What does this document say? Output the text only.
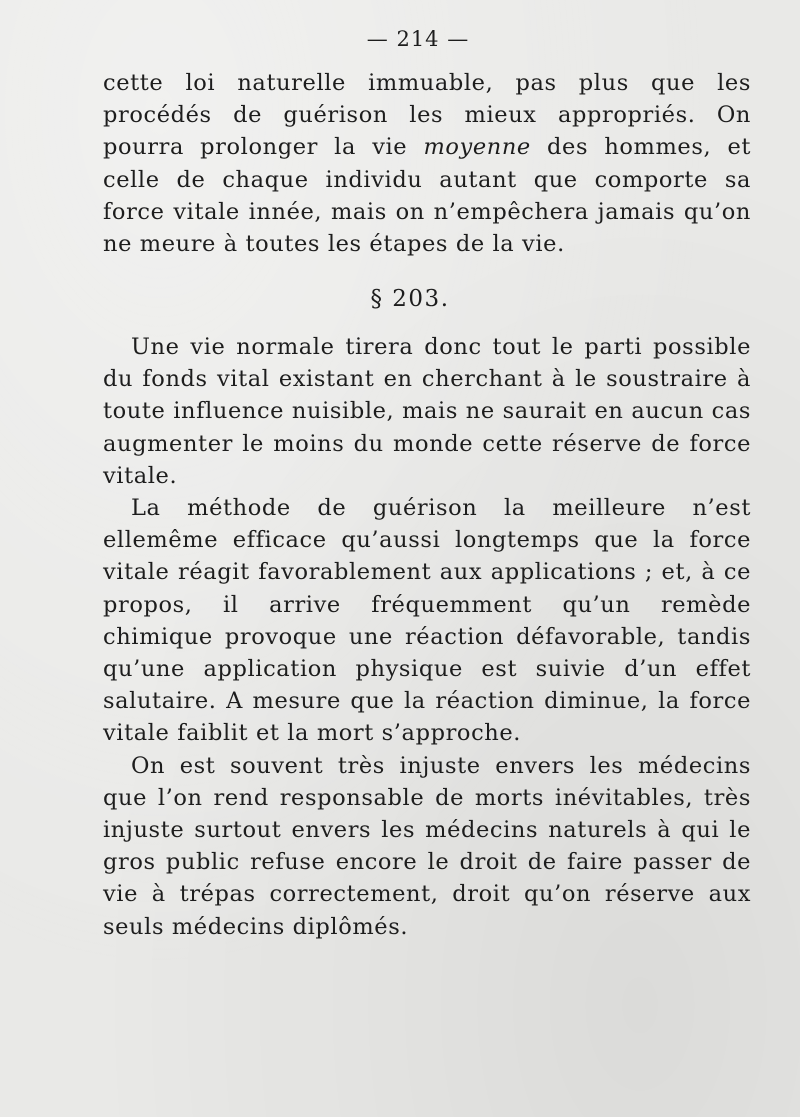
— 214 —

cette loi naturelle immuable, pas plus que les procédés de guérison les mieux appropriés. On pourra prolonger la vie moyenne des hommes, et celle de chaque individu autant que comporte sa force vitale innée, mais on n’empêchera jamais qu’on ne meure à toutes les étapes de la vie.

§ 203.

Une vie normale tirera donc tout le parti possible du fonds vital existant en cherchant à le soustraire à toute influence nuisible, mais ne saurait en aucun cas augmenter le moins du monde cette réserve de force vitale.

La méthode de guérison la meilleure n’est ellemême efficace qu’aussi longtemps que la force vitale réagit favorablement aux applications ; et, à ce propos, il arrive fréquemment qu’un remède chimique provoque une réaction défavorable, tandis qu’une application physique est suivie d’un effet salutaire. A mesure que la réaction diminue, la force vitale faiblit et la mort s’approche.

On est souvent très injuste envers les médecins que l’on rend responsable de morts inévitables, très injuste surtout envers les médecins naturels à qui le gros public refuse encore le droit de faire passer de vie à trépas correctement, droit qu’on réserve aux seuls médecins diplômés.
